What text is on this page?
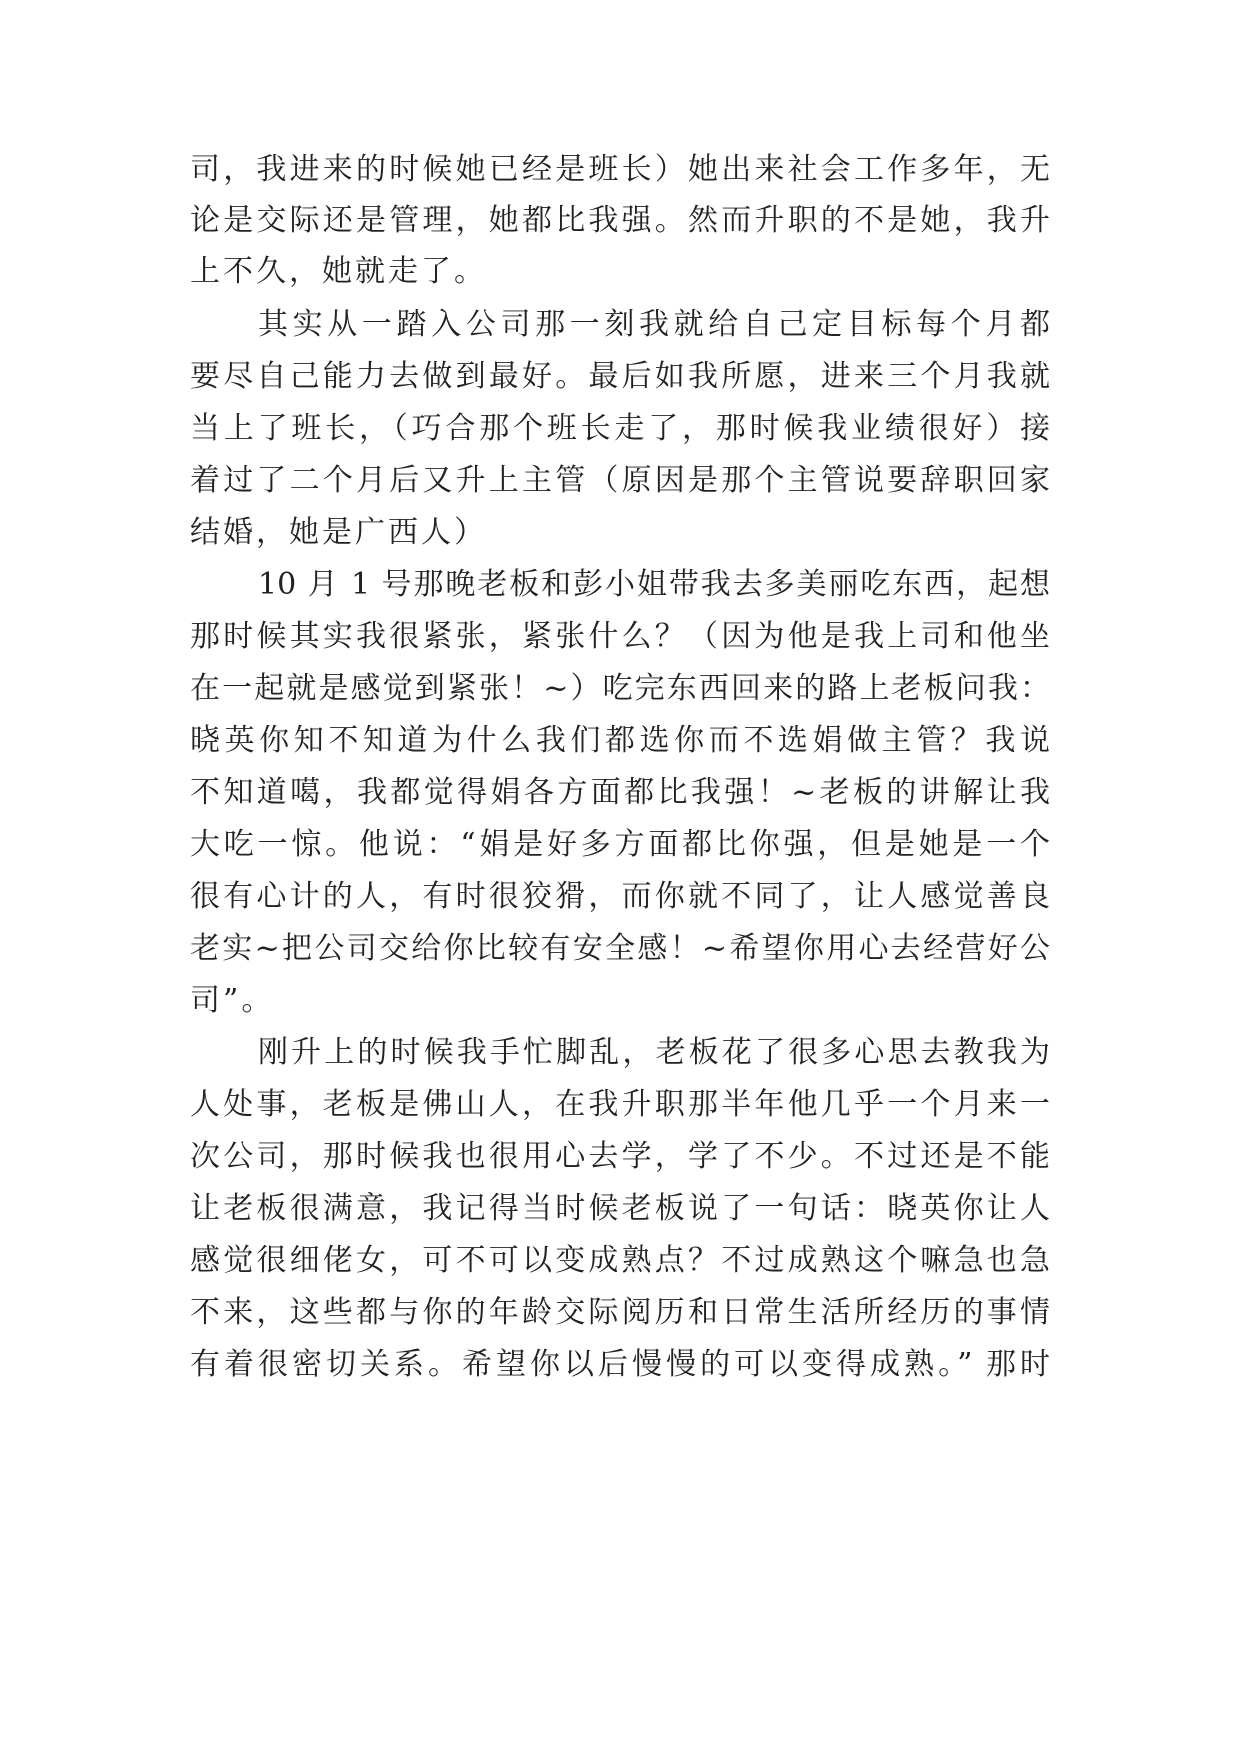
司，我进来的时候她已经是班长）她出来社会工作多年，无

论是交际还是管理，她都比我强。然而升职的不是她，我升

上不久，她就走了。

其实从一踏入公司那一刻我就给自己定目标每个月都

要尽自己能力去做到最好。最后如我所愿，进来三个月我就

当上了班长，（巧合那个班长走了，那时候我业绩很好）接

着过了二个月后又升上主管（原因是那个主管说要辞职回家

结婚，她是广西人）

10 月 1 号那晚老板和彭小姐带我去多美丽吃东西，起想

那时候其实我很紧张，紧张什么？（因为他是我上司和他坐

在一起就是感觉到紧张！~）吃完东西回来的路上老板问我：

晓英你知不知道为什么我们都选你而不选娟做主管？我说

不知道噶，我都觉得娟各方面都比我强！~老板的讲解让我

大吃一惊。他说：“娟是好多方面都比你强，但是她是一个

很有心计的人，有时很狡猾，而你就不同了，让人感觉善良

老实~把公司交给你比较有安全感！~希望你用心去经营好公

司”。

刚升上的时候我手忙脚乱，老板花了很多心思去教我为

人处事，老板是佛山人，在我升职那半年他几乎一个月来一

次公司，那时候我也很用心去学，学了不少。不过还是不能

让老板很满意，我记得当时候老板说了一句话：晓英你让人

感觉很细佬女，可不可以变成熟点？不过成熟这个嘛急也急

不来，这些都与你的年龄交际阅历和日常生活所经历的事情

有着很密切关系。希望你以后慢慢的可以变得成熟。” 那时
